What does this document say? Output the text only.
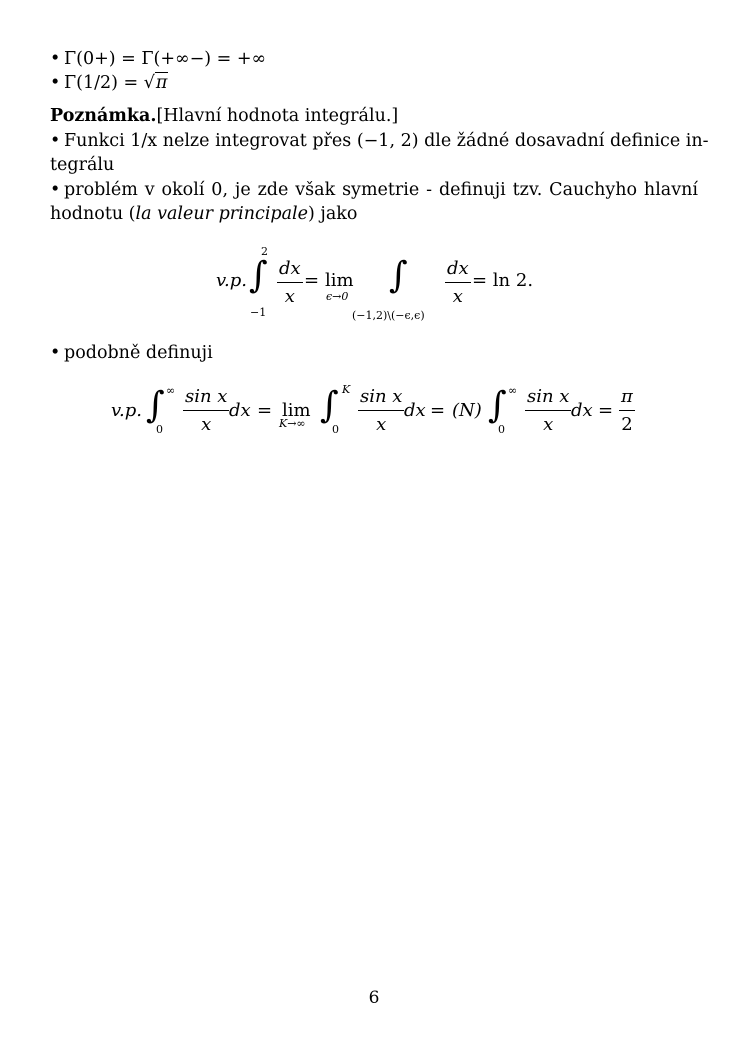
• Γ(0+) = Γ(+∞−) = +∞
• Γ(1/2) = √π
Poznámka.[Hlavní hodnota integrálu.]
• Funkci 1/x nelze integrovat přes (−1, 2) dle žádné dosavadní definice in-
tegrálu
• problém v okolí 0, je zde však symetrie - definuji tzv. Cauchyho hlavní
hodnotu (la valeur principale) jako
v.p. ∫
2
−1
$\frac{dx}{x} = \lim$
ϵ→0
∫
(−1,2)\(−ϵ,ϵ)
$\frac{dx}{x} = \ln 2$.
• podobně definuji
v.p. ∫ ∞
$0 \frac{\text{sin x}}{x}$ dx = lim
K→∞ ∫ K
$0 \frac{\text{sin x}}{x}$ dx = (N) ∫ ∞
$0 \frac{\text{sin x}}{x}$ dx = $\frac{\pi}{2}$
6
